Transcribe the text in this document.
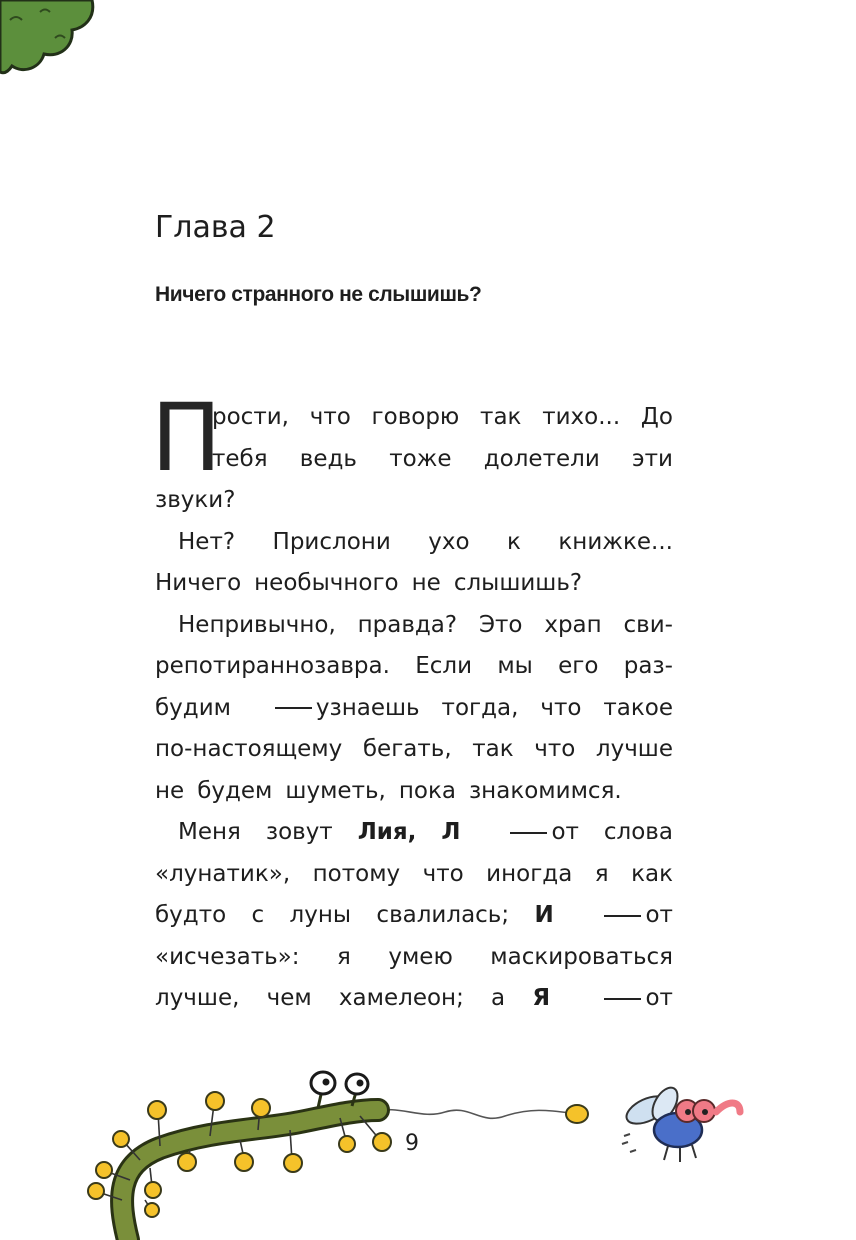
Глава 2
Ничего странного не слышишь?
П
рости, что говорю так тихо... До
тебя ведь тоже долетели эти
звуки?
Нет? Прислони ухо к книжке...
Ничего необычного не слышишь?
Непривычно, правда? Это храп сви-
репотираннозавра. Если мы его раз-
будим	узнаешь тогда, что такое
по-настоящему бегать, так что лучше
не будем шуметь, пока знакомимся.
Меня зовут Лия, Л	от слова
«лунатик», потому что иногда я как
будто с луны свалилась; И	от
«исчезать»: я умею маскироваться
лучше, чем хамелеон; а Я	от
9
